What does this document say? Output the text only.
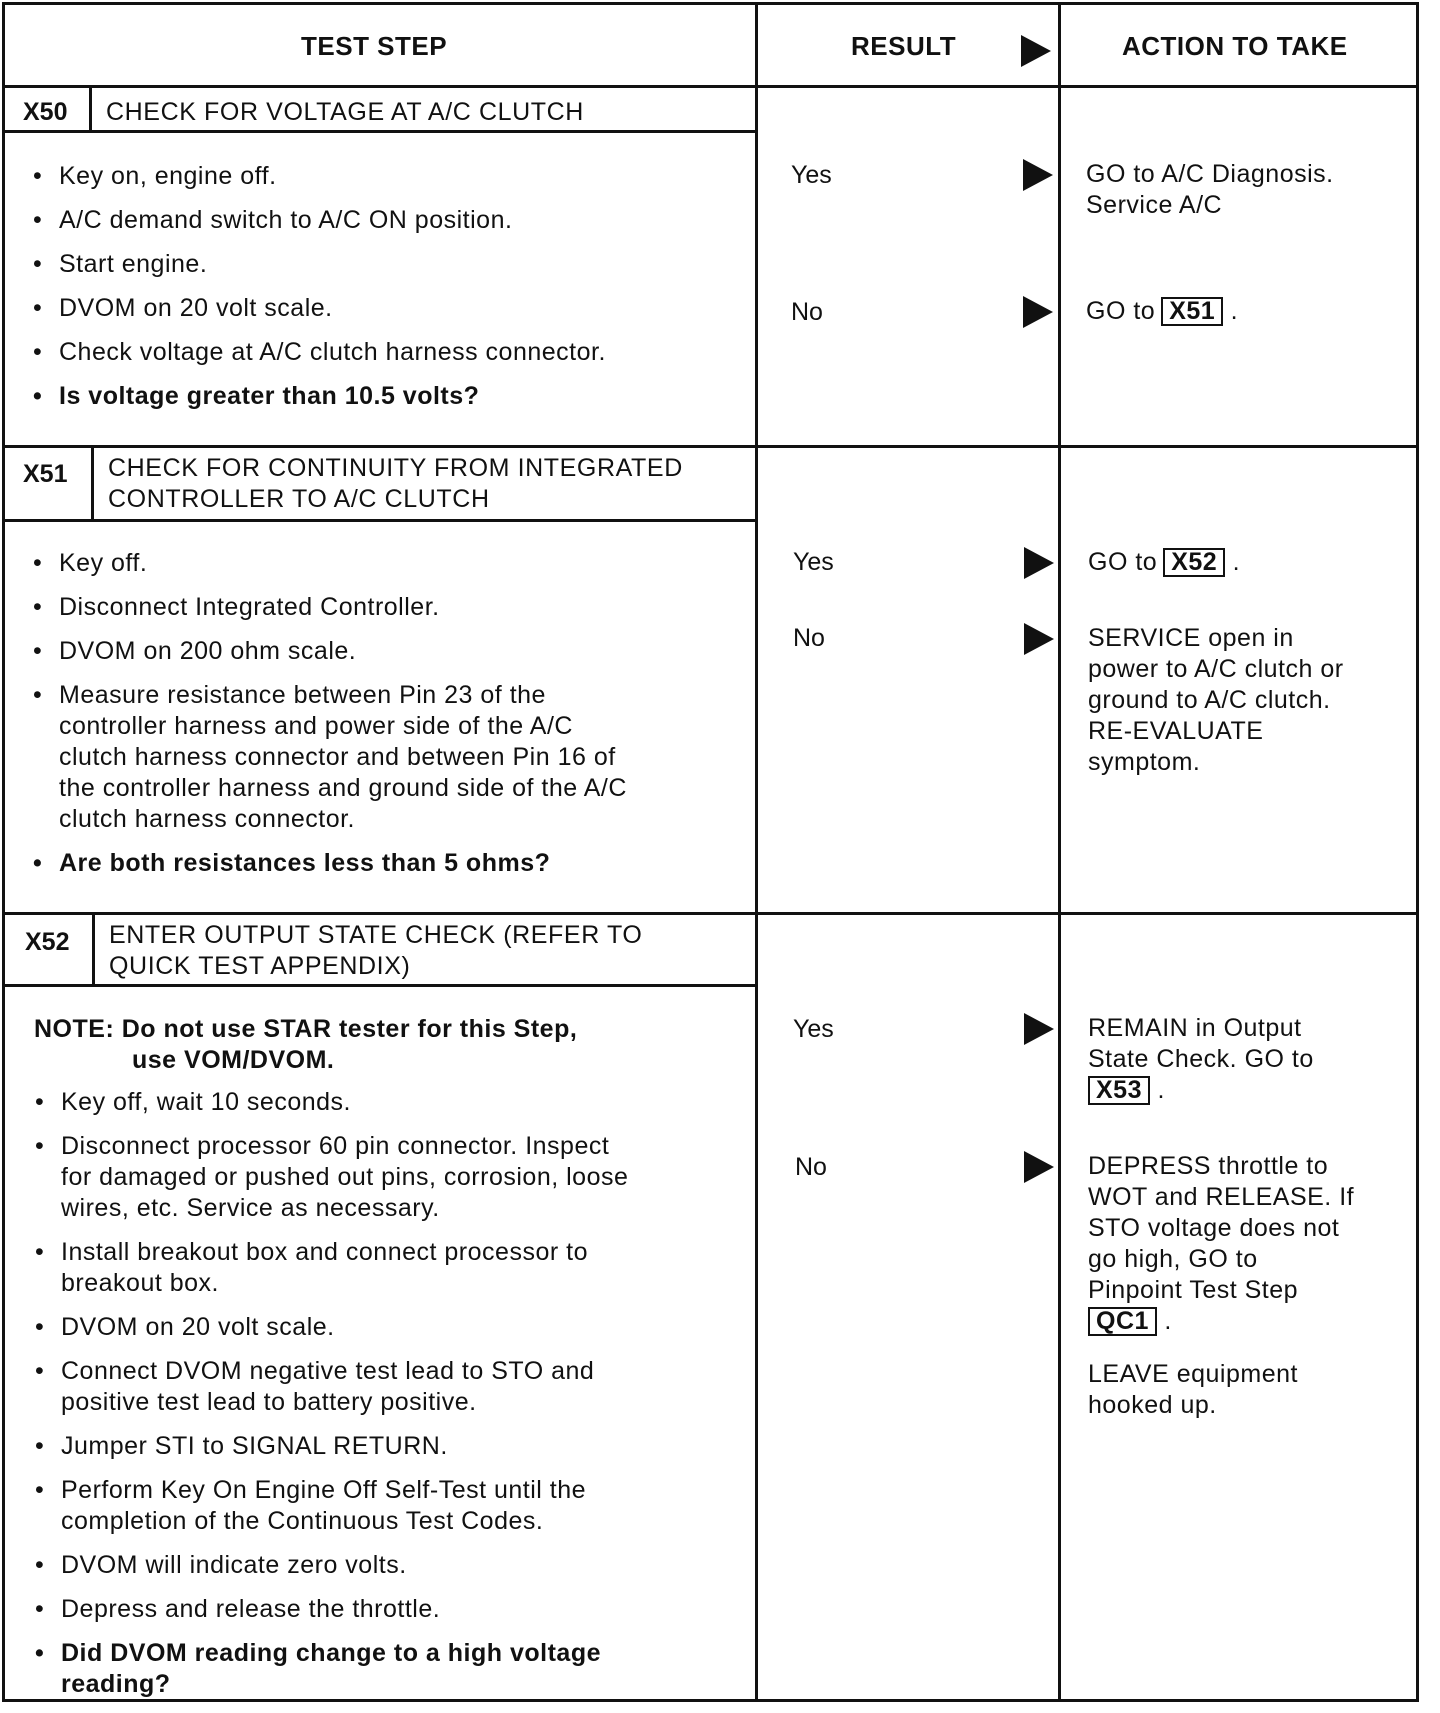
TEST STEP	RESULT	ACTION TO TAKE
X50 CHECK FOR VOLTAGE AT A/C CLUTCH
• Key on, engine off.
• A/C demand switch to A/C ON position.
• Start engine.
• DVOM on 20 volt scale.
• Check voltage at A/C clutch harness connector.
• Is voltage greater than 10.5 volts?
Yes	GO to A/C Diagnosis.
Service A/C
No	GO to X51 .
X51 CHECK FOR CONTINUITY FROM INTEGRATED
CONTROLLER TO A/C CLUTCH
• Key off.
• Disconnect Integrated Controller.
• DVOM on 200 ohm scale.
• Measure resistance between Pin 23 of the
controller harness and power side of the A/C
clutch harness connector and between Pin 16 of
the controller harness and ground side of the A/C
clutch harness connector.
• Are both resistances less than 5 ohms?
Yes	GO to X52 .
No	SERVICE open in
power to A/C clutch or
ground to A/C clutch.
RE-EVALUATE
symptom.
X52 ENTER OUTPUT STATE CHECK (REFER TO
QUICK TEST APPENDIX)
NOTE: Do not use STAR tester for this Step,
use VOM/DVOM.
• Key off, wait 10 seconds.
• Disconnect processor 60 pin connector. Inspect
for damaged or pushed out pins, corrosion, loose
wires, etc. Service as necessary.
• Install breakout box and connect processor to
breakout box.
• DVOM on 20 volt scale.
• Connect DVOM negative test lead to STO and
positive test lead to battery positive.
• Jumper STI to SIGNAL RETURN.
• Perform Key On Engine Off Self-Test until the
completion of the Continuous Test Codes.
• DVOM will indicate zero volts.
• Depress and release the throttle.
• Did DVOM reading change to a high voltage
reading?
Yes	REMAIN in Output
State Check. GO to
X53 .
No	DEPRESS throttle to
WOT and RELEASE. If
STO voltage does not
go high, GO to
Pinpoint Test Step
QC1 .
LEAVE equipment
hooked up.
